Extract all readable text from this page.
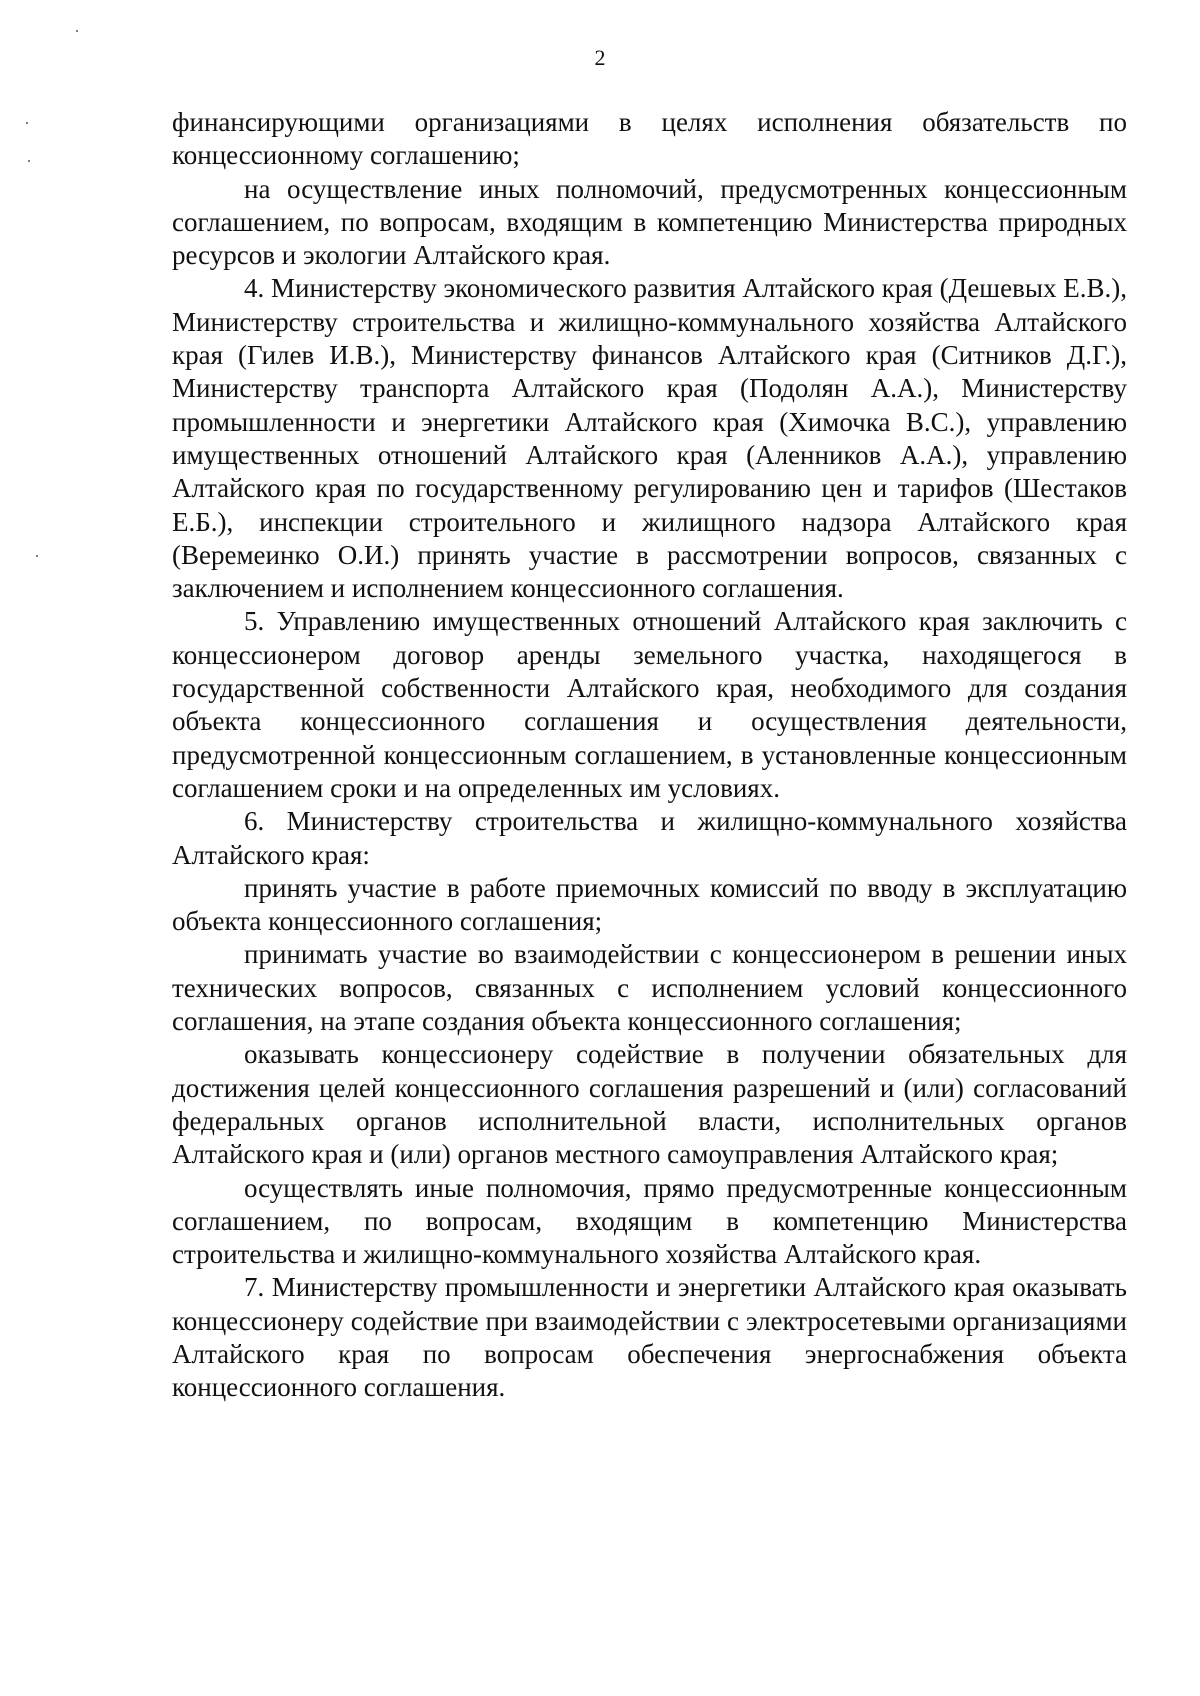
2

финансирующими организациями в целях исполнения обязательств по концессионному соглашению;

на осуществление иных полномочий, предусмотренных концессионным соглашением, по вопросам, входящим в компетенцию Министерства природных ресурсов и экологии Алтайского края.

4. Министерству экономического развития Алтайского края (Дешевых Е.В.), Министерству строительства и жилищно-коммунального хозяйства Алтайского края (Гилев И.В.), Министерству финансов Алтайского края (Ситников Д.Г.), Министерству транспорта Алтайского края (Подолян А.А.), Министерству промышленности и энергетики Алтайского края (Химочка В.С.), управлению имущественных отношений Алтайского края (Аленников А.А.), управлению Алтайского края по государственному регулированию цен и тарифов (Шестаков Е.Б.), инспекции строительного и жилищного надзора Алтайского края (Веремеинко О.И.) принять участие в рассмотрении вопросов, связанных с заключением и исполнением концессионного соглашения.

5. Управлению имущественных отношений Алтайского края заключить с концессионером договор аренды земельного участка, находящегося в государственной собственности Алтайского края, необходимого для создания объекта концессионного соглашения и осуществления деятельности, предусмотренной концессионным соглашением, в установленные концессионным соглашением сроки и на определенных им условиях.

6. Министерству строительства и жилищно-коммунального хозяйства Алтайского края:

принять участие в работе приемочных комиссий по вводу в эксплуатацию объекта концессионного соглашения;

принимать участие во взаимодействии с концессионером в решении иных технических вопросов, связанных с исполнением условий концессионного соглашения, на этапе создания объекта концессионного соглашения;

оказывать концессионеру содействие в получении обязательных для достижения целей концессионного соглашения разрешений и (или) согласований федеральных органов исполнительной власти, исполнительных органов Алтайского края и (или) органов местного самоуправления Алтайского края;

осуществлять иные полномочия, прямо предусмотренные концессионным соглашением, по вопросам, входящим в компетенцию Министерства строительства и жилищно-коммунального хозяйства Алтайского края.

7. Министерству промышленности и энергетики Алтайского края оказывать концессионеру содействие при взаимодействии с электросетевыми организациями Алтайского края по вопросам обеспечения энергоснабжения объекта концессионного соглашения.
